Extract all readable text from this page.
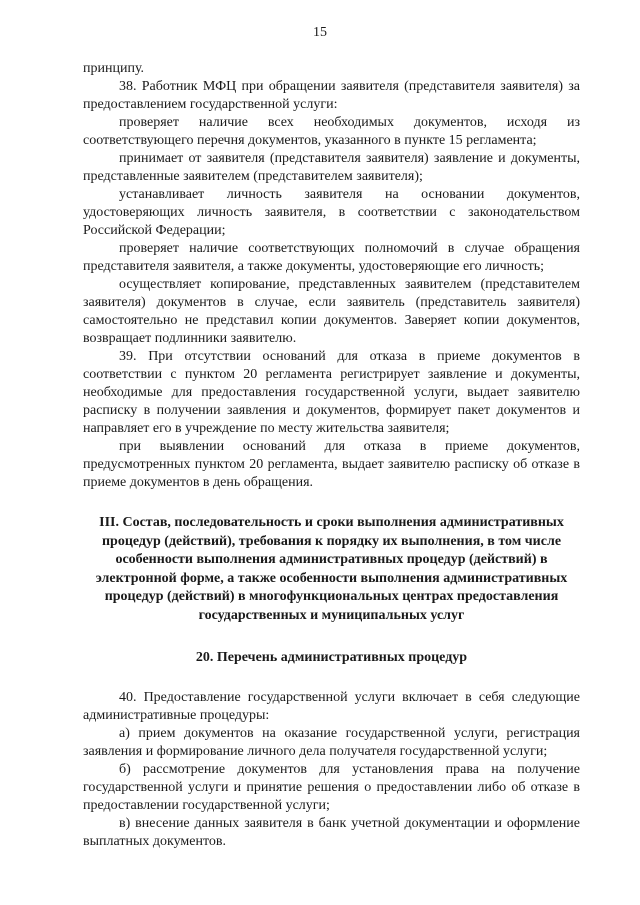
15

принципу.

38. Работник МФЦ при обращении заявителя (представителя заявителя) за предоставлением государственной услуги:

проверяет наличие всех необходимых документов, исходя из соответствующего перечня документов, указанного в пункте 15 регламента;

принимает от заявителя (представителя заявителя) заявление и документы, представленные заявителем (представителем заявителя);

устанавливает личность заявителя на основании документов, удостоверяющих личность заявителя, в соответствии с законодательством Российской Федерации;

проверяет наличие соответствующих полномочий в случае обращения представителя заявителя, а также документы, удостоверяющие его личность;

осуществляет копирование, представленных заявителем (представителем заявителя) документов в случае, если заявитель (представитель заявителя) самостоятельно не представил копии документов. Заверяет копии документов, возвращает подлинники заявителю.

39. При отсутствии оснований для отказа в приеме документов в соответствии с пунктом 20 регламента регистрирует заявление и документы, необходимые для предоставления государственной услуги, выдает заявителю расписку в получении заявления и документов, формирует пакет документов и направляет его в учреждение по месту жительства заявителя;

при выявлении оснований для отказа в приеме документов, предусмотренных пунктом 20 регламента, выдает заявителю расписку об отказе в приеме документов в день обращения.

III. Состав, последовательность и сроки выполнения административных процедур (действий), требования к порядку их выполнения, в том числе особенности выполнения административных процедур (действий) в электронной форме, а также особенности выполнения административных процедур (действий) в многофункциональных центрах предоставления государственных и муниципальных услуг
20. Перечень административных процедур

40. Предоставление государственной услуги включает в себя следующие административные процедуры:

а) прием документов на оказание государственной услуги, регистрация заявления и формирование личного дела получателя государственной услуги;

б) рассмотрение документов для установления права на получение государственной услуги и принятие решения о предоставлении либо об отказе в предоставлении государственной услуги;

в) внесение данных заявителя в банк учетной документации и оформление выплатных документов.
